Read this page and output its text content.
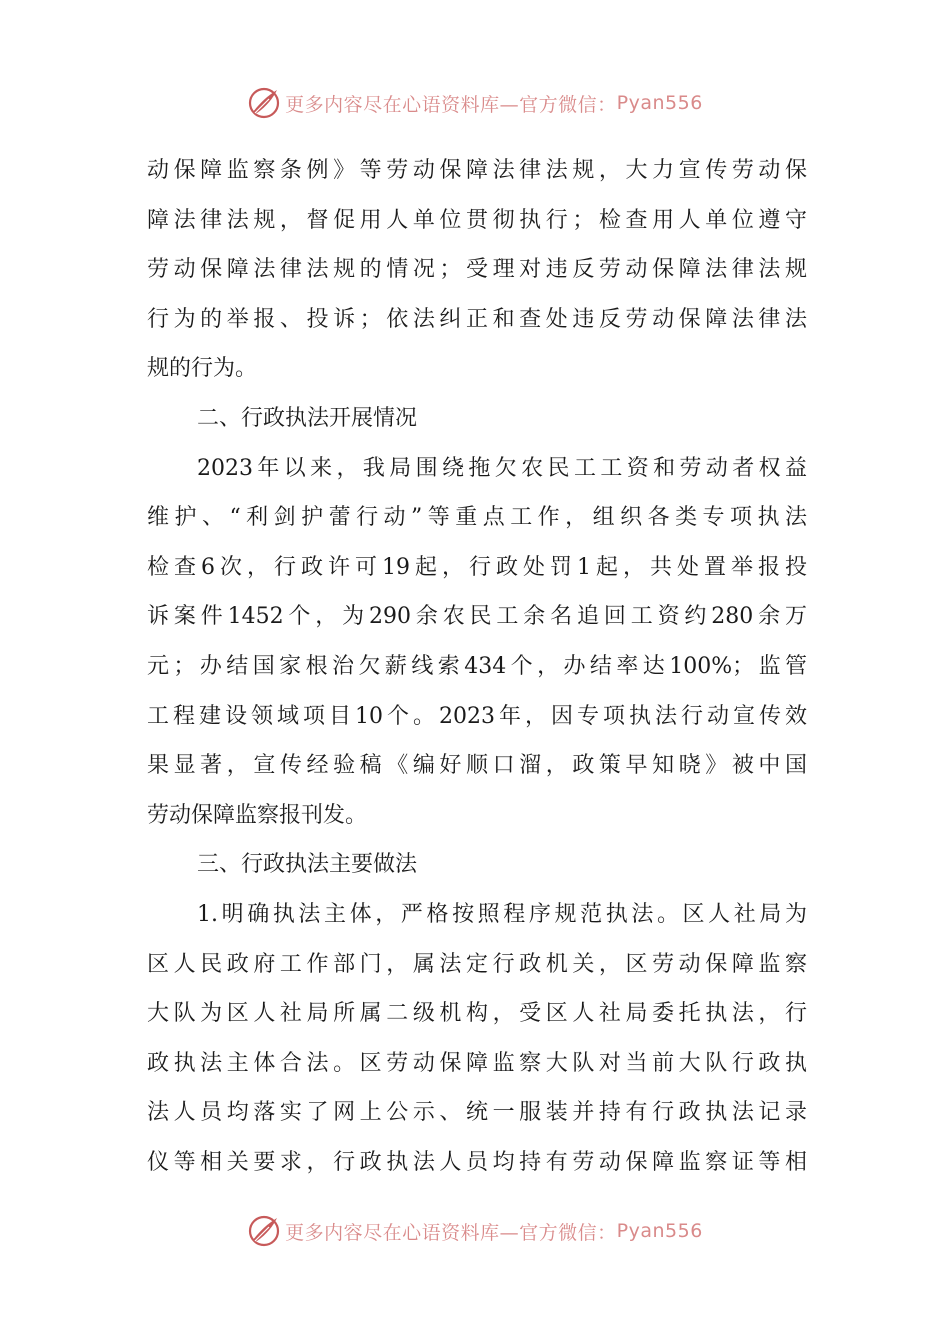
更多内容尽在心语资料库—官方微信： Pyan556
动保障监察条例》等劳动保障法律法规，大力宣传劳动保
障法律法规，督促用人单位贯彻执行；检查用人单位遵守
劳动保障法律法规的情况；受理对违反劳动保障法律法规
行为的举报、投诉；依法纠正和查处违反劳动保障法律法
规的行为。
二、行政执法开展情况
2023年以来，我局围绕拖欠农民工工资和劳动者权益
维护、“利剑护蕾行动”等重点工作，组织各类专项执法
检查6次，行政许可19起，行政处罚1起，共处置举报投
诉案件1452个，为290余农民工余名追回工资约280余万
元；办结国家根治欠薪线索434个，办结率达100%；监管
工程建设领域项目10个。2023年，因专项执法行动宣传效
果显著，宣传经验稿《编好顺口溜，政策早知晓》被中国
劳动保障监察报刊发。
三、行政执法主要做法
1.明确执法主体，严格按照程序规范执法。区人社局为
区人民政府工作部门，属法定行政机关，区劳动保障监察
大队为区人社局所属二级机构，受区人社局委托执法，行
政执法主体合法。区劳动保障监察大队对当前大队行政执
法人员均落实了网上公示、统一服装并持有行政执法记录
仪等相关要求，行政执法人员均持有劳动保障监察证等相
更多内容尽在心语资料库—官方微信： Pyan556
